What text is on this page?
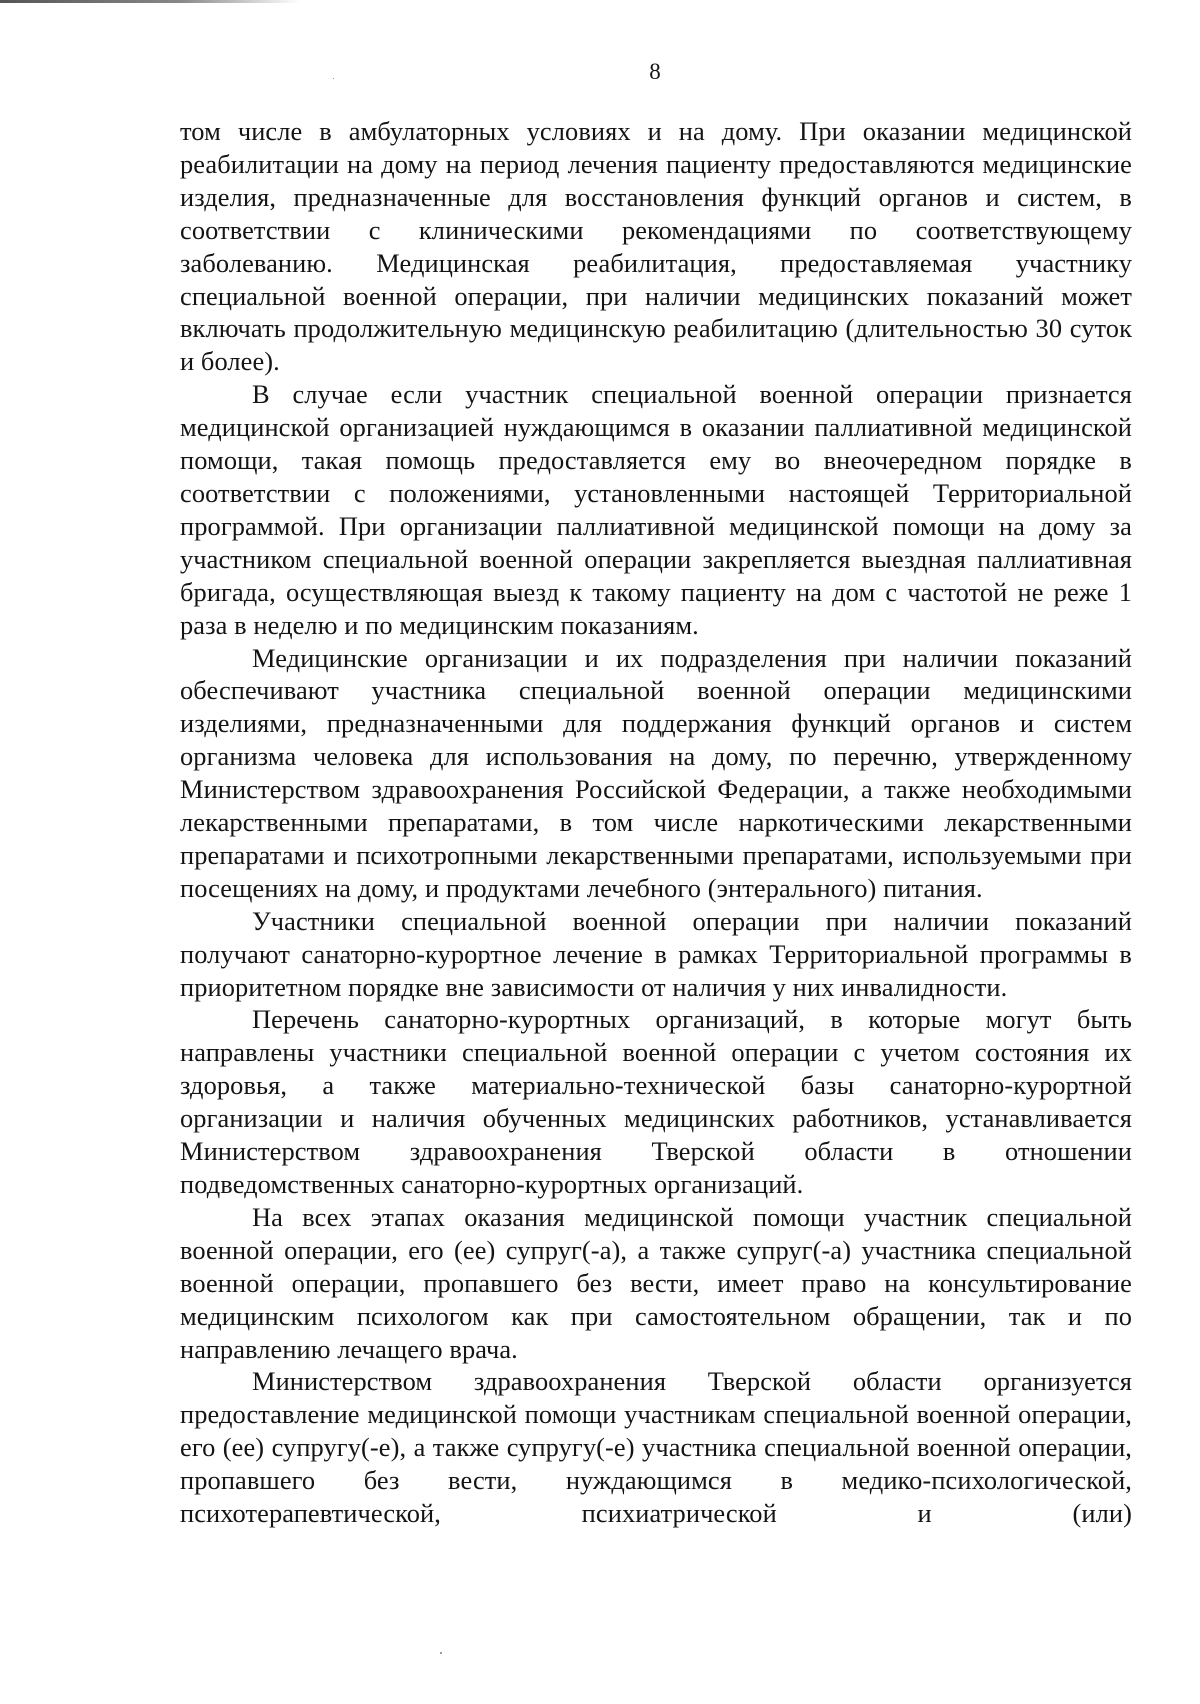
8

том числе в амбулаторных условиях и на дому. При оказании медицинской реабилитации на дому на период лечения пациенту предоставляются медицинские изделия, предназначенные для восстановления функций органов и систем, в соответствии с клиническими рекомендациями по соответствующему заболеванию. Медицинская реабилитация, предоставляемая участнику специальной военной операции, при наличии медицинских показаний может включать продолжительную медицинскую реабилитацию (длительностью 30 суток и более).

В случае если участник специальной военной операции признается медицинской организацией нуждающимся в оказании паллиативной медицинской помощи, такая помощь предоставляется ему во внеочередном порядке в соответствии с положениями, установленными настоящей Территориальной программой. При организации паллиативной медицинской помощи на дому за участником специальной военной операции закрепляется выездная паллиативная бригада, осуществляющая выезд к такому пациенту на дом с частотой не реже 1 раза в неделю и по медицинским показаниям.

Медицинские организации и их подразделения при наличии показаний обеспечивают участника специальной военной операции медицинскими изделиями, предназначенными для поддержания функций органов и систем организма человека для использования на дому, по перечню, утвержденному Министерством здравоохранения Российской Федерации, а также необходимыми лекарственными препаратами, в том числе наркотическими лекарственными препаратами и психотропными лекарственными препаратами, используемыми при посещениях на дому, и продуктами лечебного (энтерального) питания.

Участники специальной военной операции при наличии показаний получают санаторно-курортное лечение в рамках Территориальной программы в приоритетном порядке вне зависимости от наличия у них инвалидности.

Перечень санаторно-курортных организаций, в которые могут быть направлены участники специальной военной операции с учетом состояния их здоровья, а также материально-технической базы санаторно-курортной организации и наличия обученных медицинских работников, устанавливается Министерством здравоохранения Тверской области в отношении подведомственных санаторно-курортных организаций.

На всех этапах оказания медицинской помощи участник специальной военной операции, его (ее) супруг(-а), а также супруг(-а) участника специальной военной операции, пропавшего без вести, имеет право на консультирование медицинским психологом как при самостоятельном обращении, так и по направлению лечащего врача.

Министерством здравоохранения Тверской области организуется предоставление медицинской помощи участникам специальной военной операции, его (ее) супругу(-е), а также супругу(-е) участника специальной военной операции, пропавшего без вести, нуждающимся в медико-психологической, психотерапевтической, психиатрической и (или)
